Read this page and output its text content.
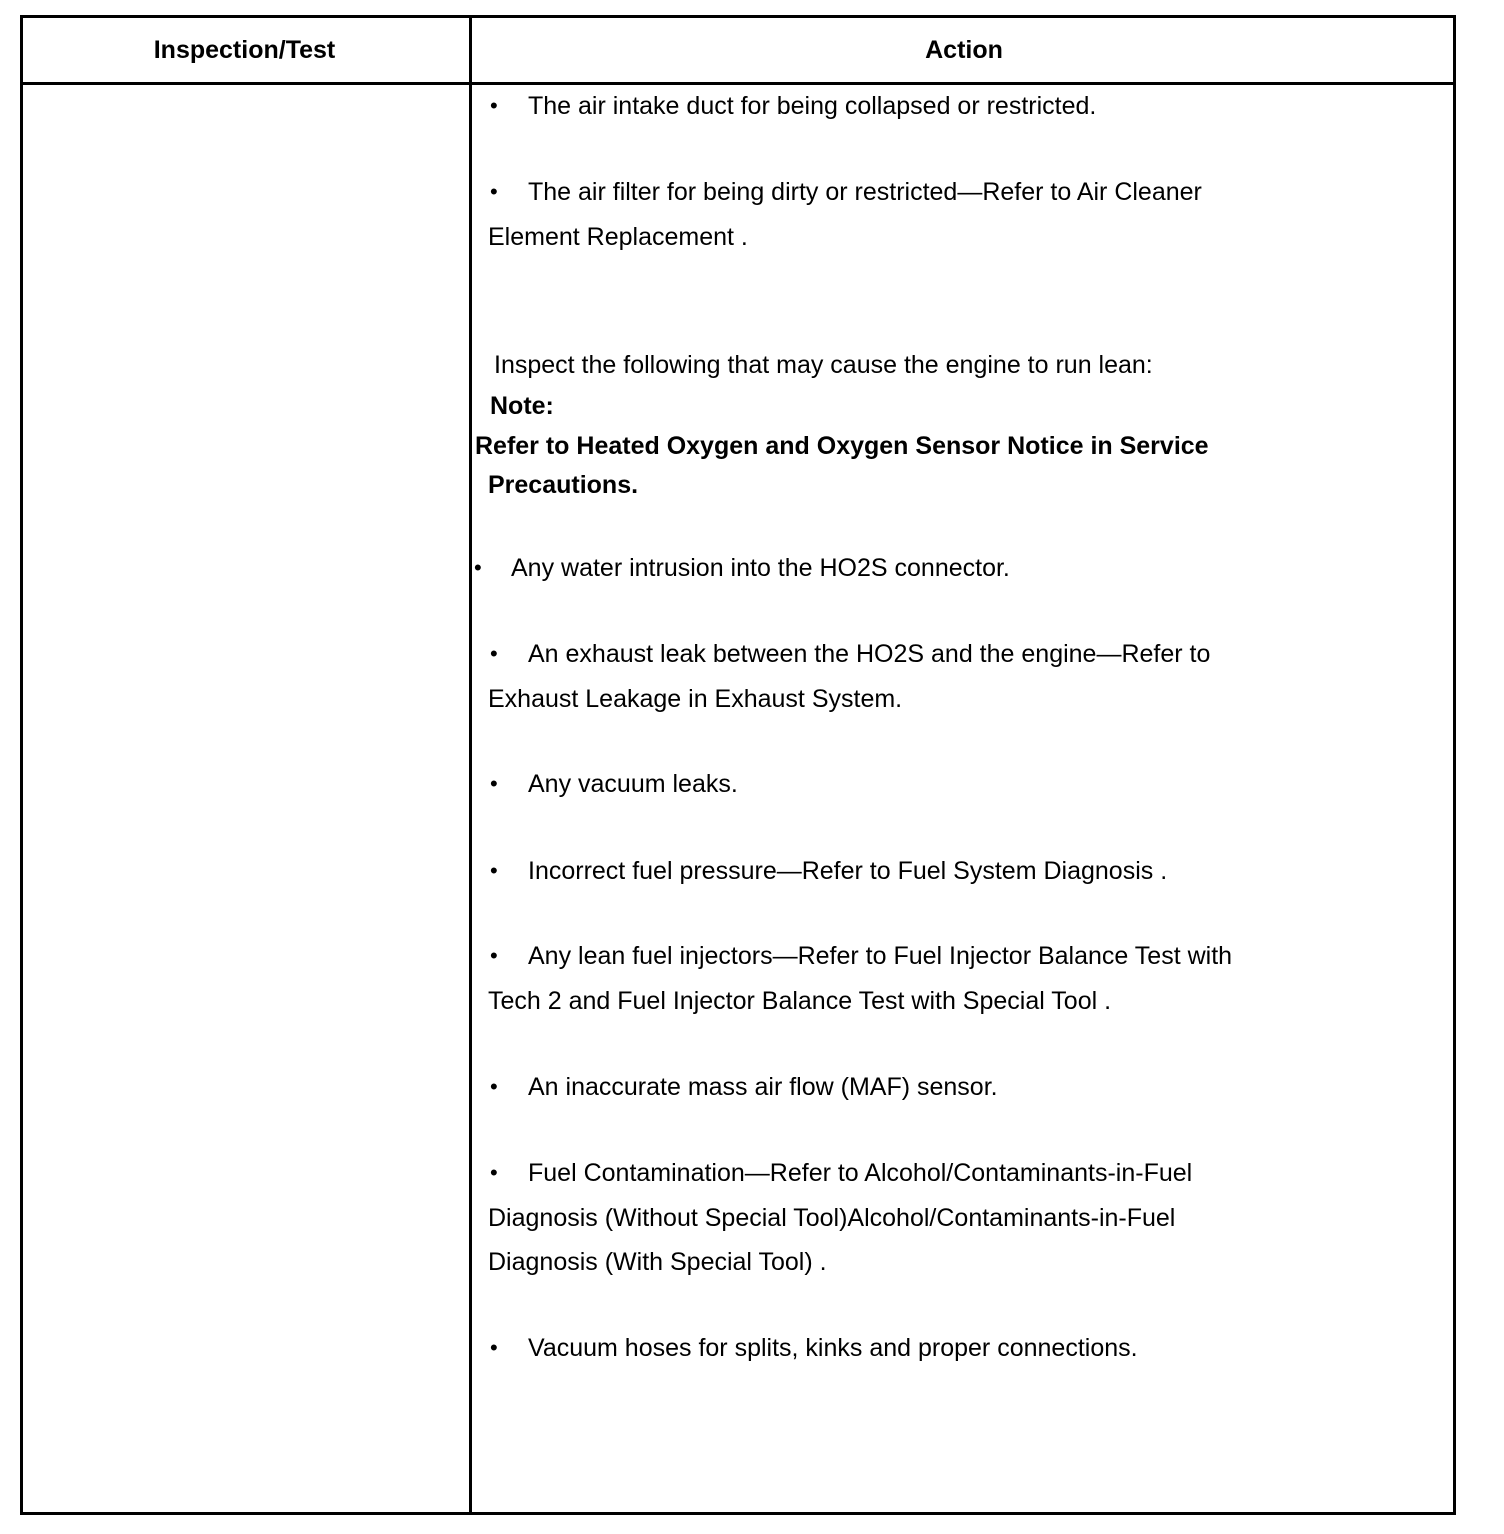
Inspection/Test	Action
• The air intake duct for being collapsed or restricted.
• The air filter for being dirty or restricted—Refer to Air Cleaner
Element Replacement .
Inspect the following that may cause the engine to run lean:
Note:
Refer to Heated Oxygen and Oxygen Sensor Notice in Service
Precautions.
• Any water intrusion into the HO2S connector.
• An exhaust leak between the HO2S and the engine—Refer to
Exhaust Leakage in Exhaust System.
• Any vacuum leaks.
• Incorrect fuel pressure—Refer to Fuel System Diagnosis .
• Any lean fuel injectors—Refer to Fuel Injector Balance Test with
Tech 2 and Fuel Injector Balance Test with Special Tool .
• An inaccurate mass air flow (MAF) sensor.
• Fuel Contamination—Refer to Alcohol/Contaminants-in-Fuel
Diagnosis (Without Special Tool)Alcohol/Contaminants-in-Fuel
Diagnosis (With Special Tool) .
• Vacuum hoses for splits, kinks and proper connections.
